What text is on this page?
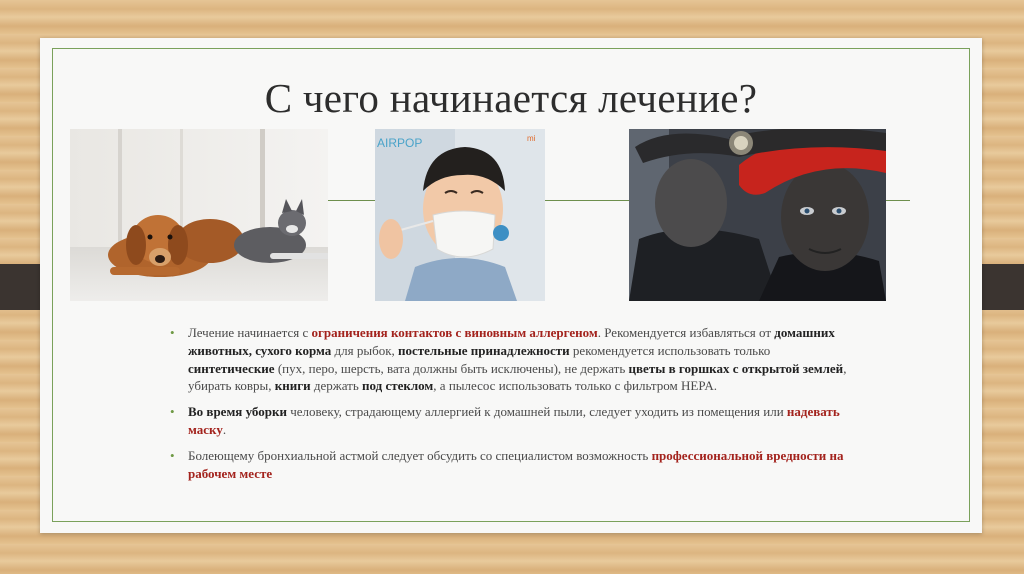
С чего начинается лечение?
AIRPOP	mi
• Лечение начинается с ограничения контактов с виновным аллергеном. Рекомендуется избавляться от домашних животных, сухого корма для рыбок, постельные принадлежности рекомендуется использовать только синтетические (пух, перо, шерсть, вата должны быть исключены), не держать цветы в горшках с открытой землей, убирать ковры, книги держать под стеклом, а пылесос использовать только с фильтром HEPA.
• Во время уборки человеку, страдающему аллергией к домашней пыли, следует уходить из помещения или надевать маску.
• Болеющему бронхиальной астмой следует обсудить со специалистом возможность профессиональной вредности на рабочем месте
